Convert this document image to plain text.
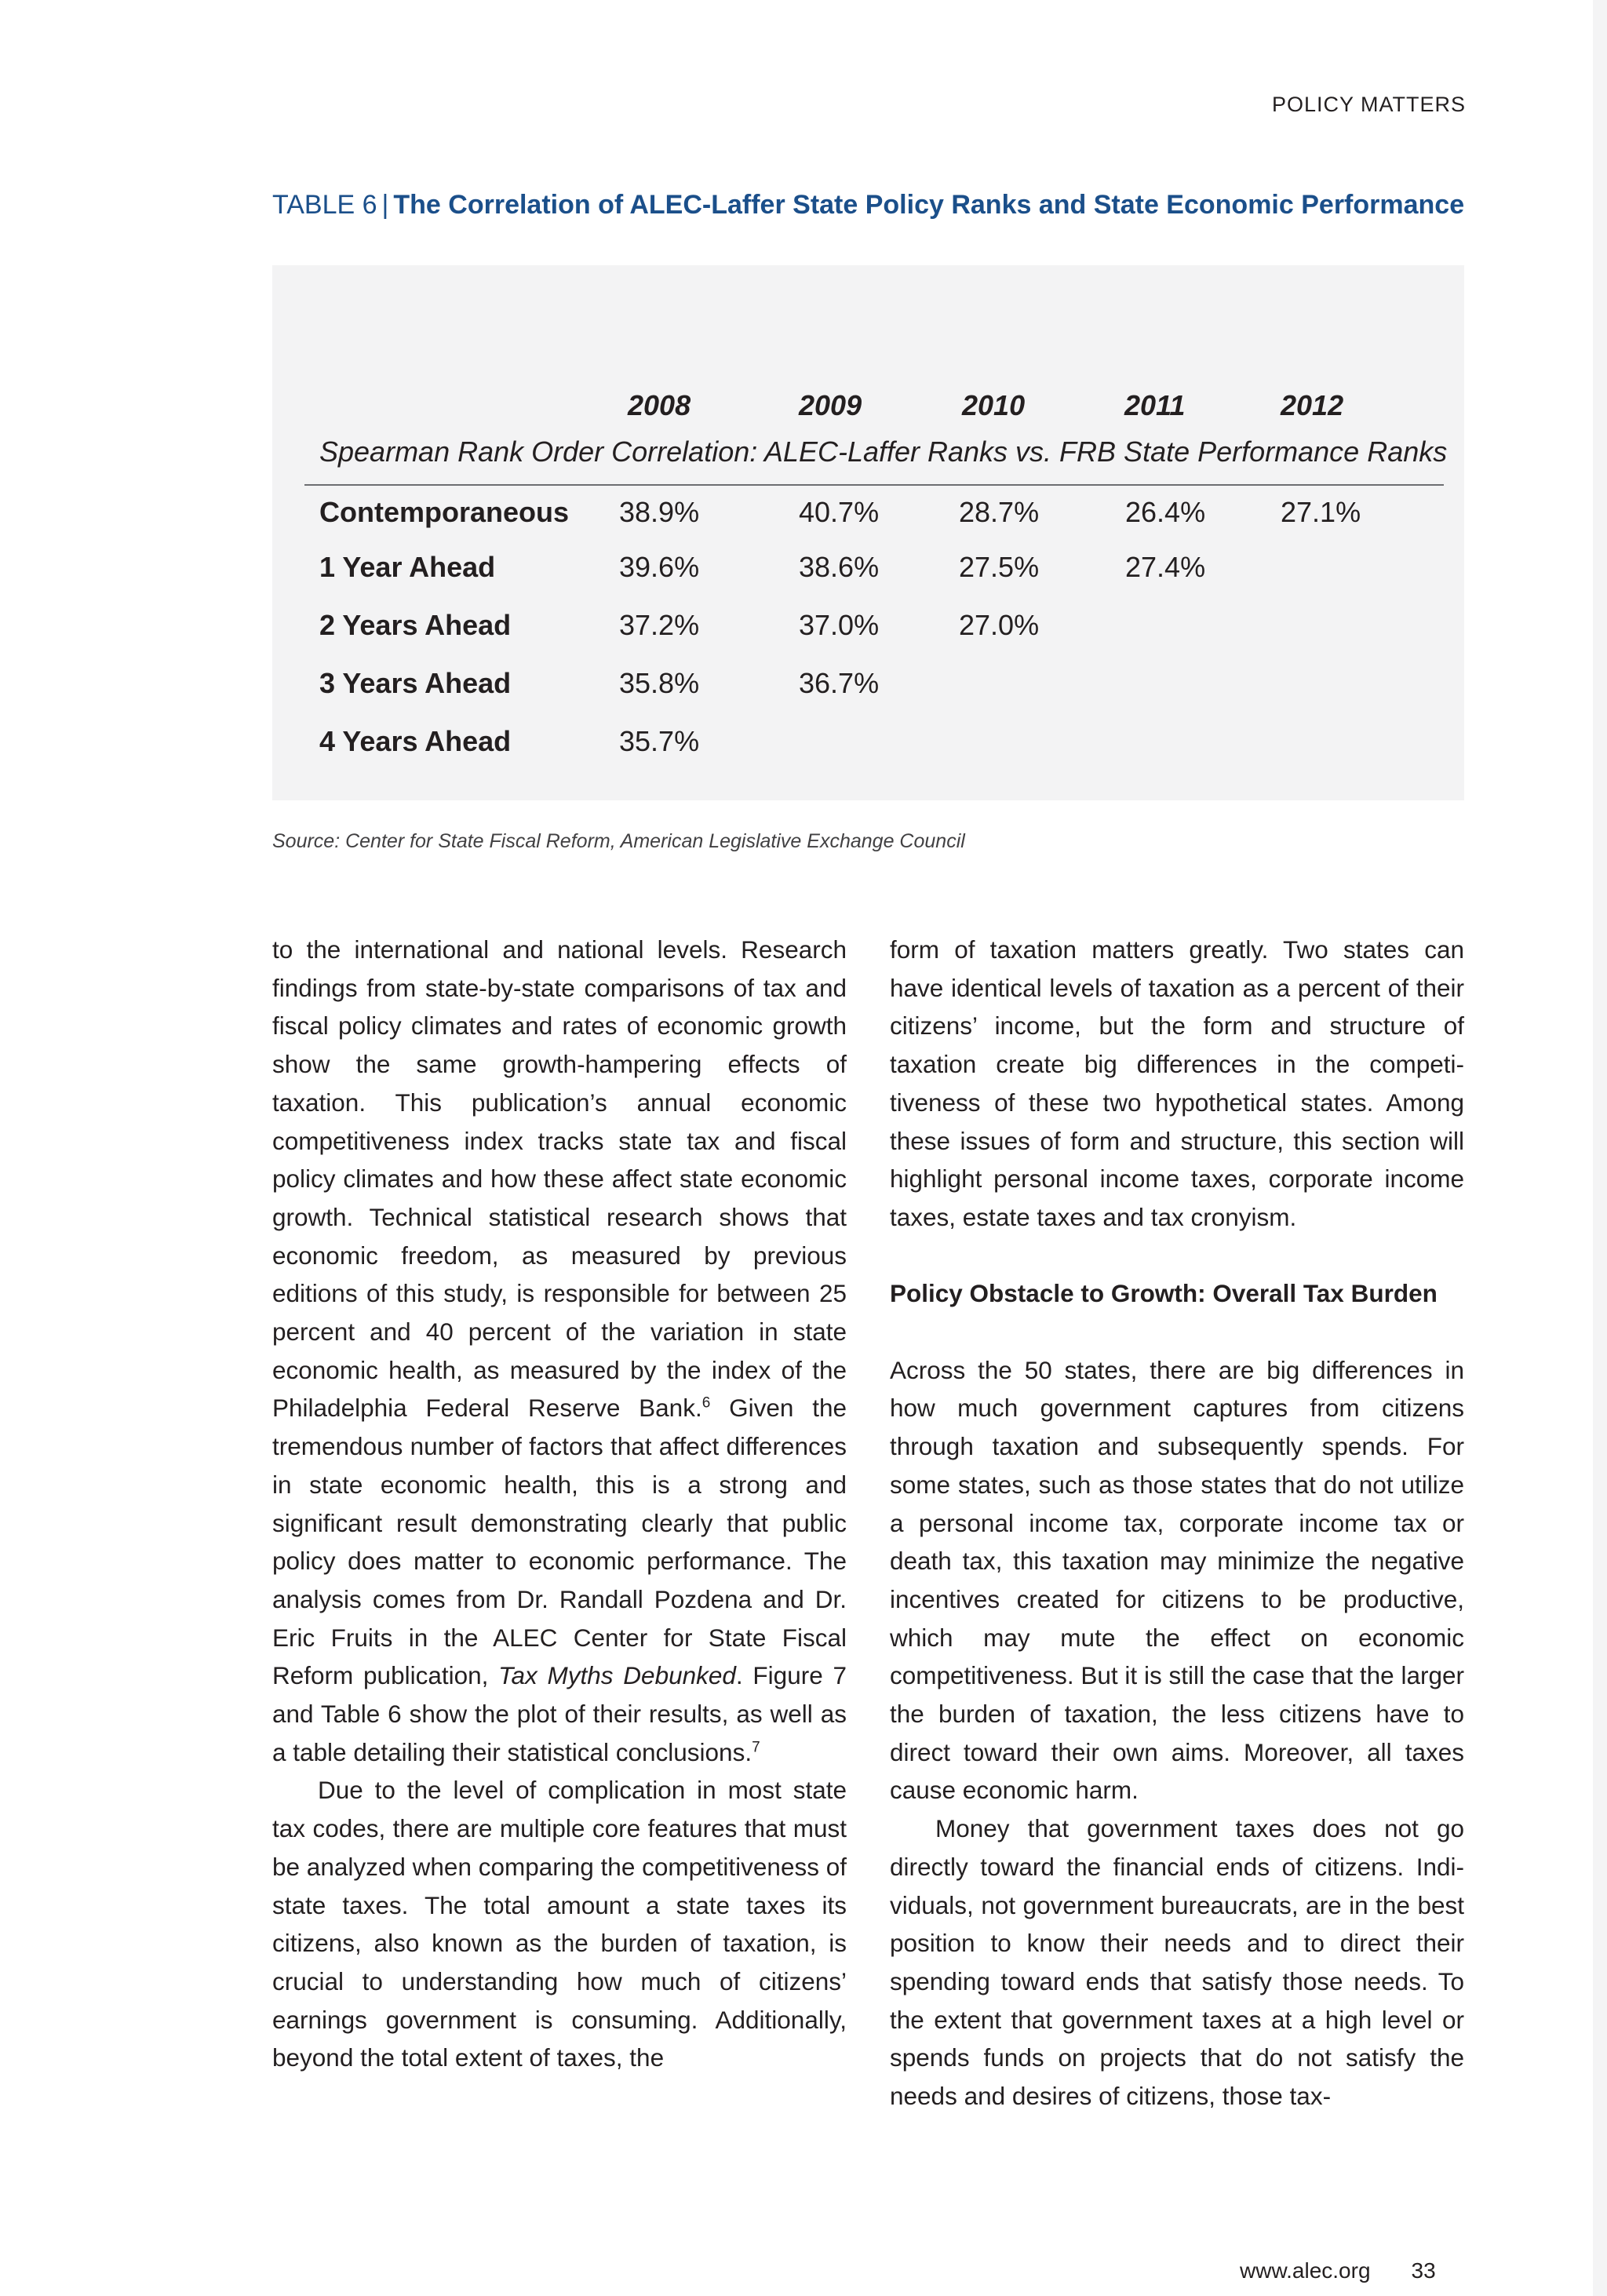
POLICY MATTERS
TABLE 6 | The Correlation of ALEC-Laffer State Policy Ranks and State Economic Performance
2008	2009	2010	2011	2012
Spearman Rank Order Correlation: ALEC-Laffer Ranks vs. FRB State Performance Ranks
Contemporaneous 38.9%	40.7%	28.7%	26.4%	27.1%
1 Year Ahead	39.6%	38.6%	27.5%	27.4%
2 Years Ahead	37.2%	37.0%	27.0%
3 Years Ahead	35.8%	36.7%
4 Years Ahead	35.7%
Source: Center for State Fiscal Reform, American Legislative Exchange Council

to the international and national levels. Research findings from state-by-state comparisons of tax and fiscal policy climates and rates of economic growth show the same growth-hampering effects of taxation. This publication’s annual economic competitiveness index tracks state tax and fiscal policy climates and how these affect state economic growth. Technical statistical research shows that economic freedom, as measured by previous editions of this study, is responsible for between 25 percent and 40 percent of the variation in state economic health, as measured by the index of the Philadelphia Federal Reserve Bank.$^6$ Given the tremendous number of factors that affect differences in state economic health, this is a strong and significant result demonstrating clearly that public policy does matter to economic performance. The analysis comes from Dr. Randall Pozdena and Dr. Eric Fruits in the ALEC Center for State Fiscal Reform publication, Tax Myths Debunked. Figure 7 and Table 6 show the plot of their results, as well as a table detailing their statistical conclusions.$^7$

Due to the level of complication in most state tax codes, there are multiple core features that must be analyzed when comparing the competitiveness of state taxes. The total amount a state taxes its citizens, also known as the burden of taxation, is crucial to understanding how much of citizens’ earnings government is consuming. Additionally, beyond the total extent of taxes, the

form of taxation matters greatly. Two states can have identical levels of taxation as a percent of their citizens’ income, but the form and structure of taxation create big differences in the competitiveness of these two hypothetical states. Among these issues of form and structure, this section will highlight personal income taxes, corporate income taxes, estate taxes and tax cronyism.

Policy Obstacle to Growth: Overall Tax Burden

Across the 50 states, there are big differences in how much government captures from citizens through taxation and subsequently spends. For some states, such as those states that do not utilize a personal income tax, corporate income tax or death tax, this taxation may minimize the negative incentives created for citizens to be productive, which may mute the effect on economic competitiveness. But it is still the case that the larger the burden of taxation, the less citizens have to direct toward their own aims. Moreover, all taxes cause economic harm.

Money that government taxes does not go directly toward the financial ends of citizens. Individuals, not government bureaucrats, are in the best position to know their needs and to direct their spending toward ends that satisfy those needs. To the extent that government taxes at a high level or spends funds on projects that do not satisfy the needs and desires of citizens, those tax-

www.alec.org 33
